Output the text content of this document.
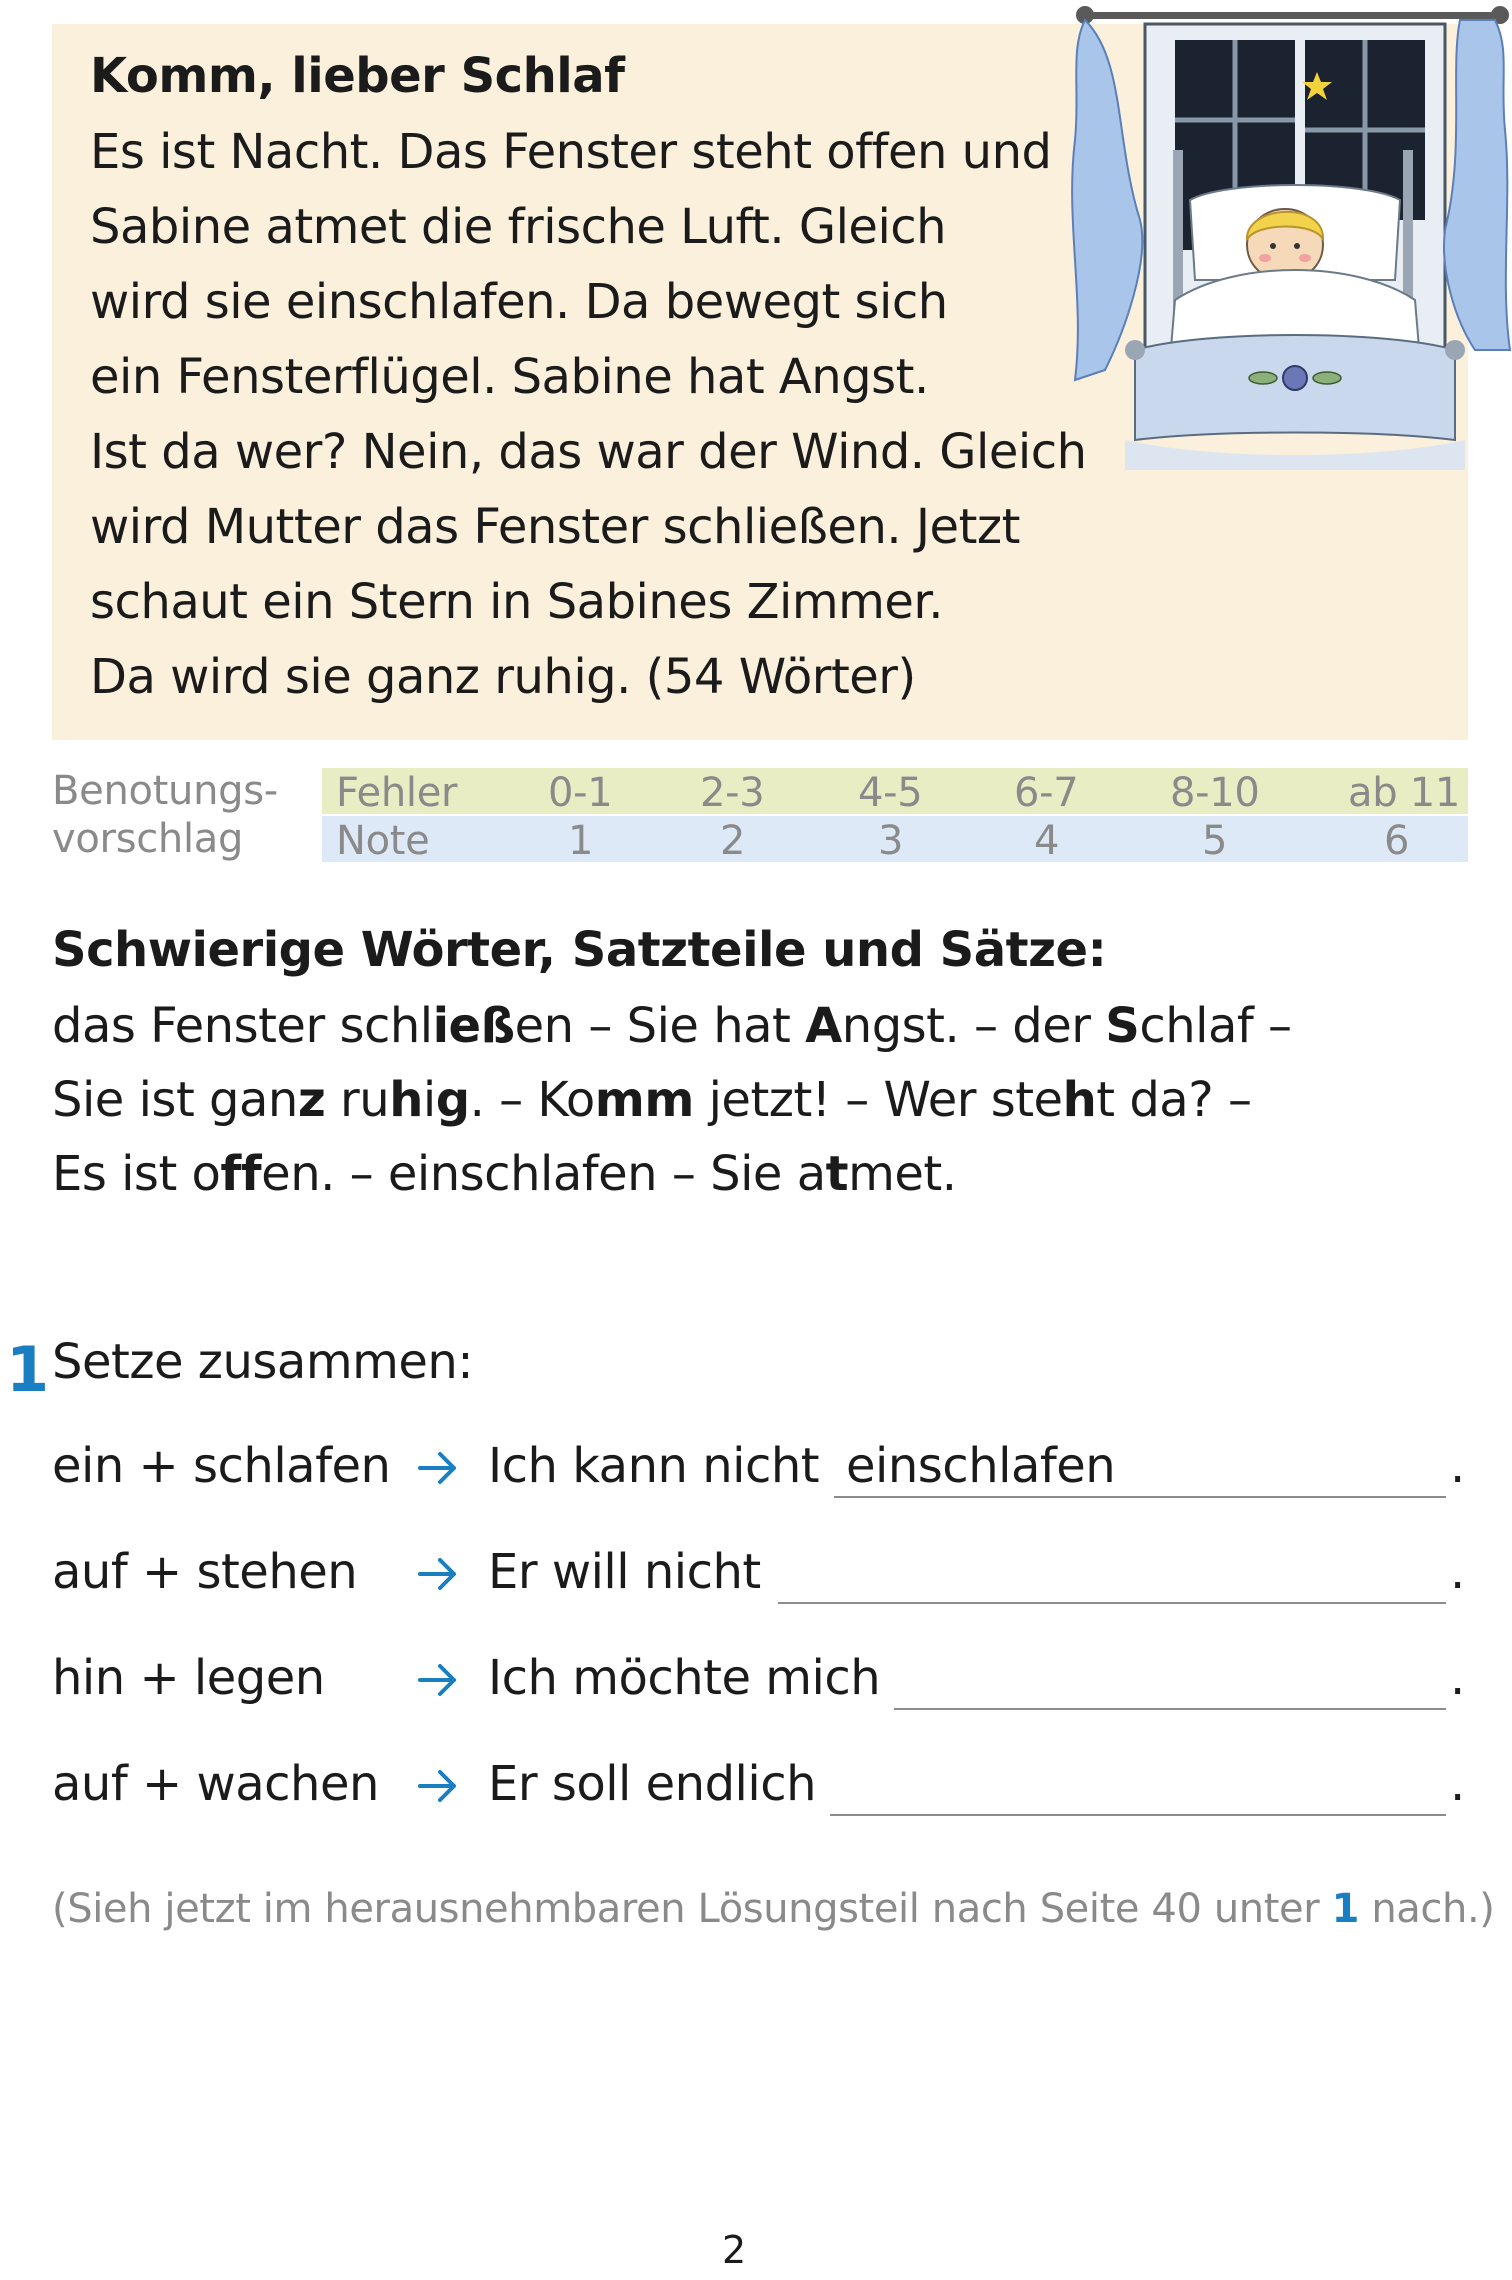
Komm, lieber Schlaf
Es ist Nacht. Das Fenster steht offen und
Sabine atmet die frische Luft. Gleich
wird sie einschlafen. Da bewegt sich
ein Fensterflügel. Sabine hat Angst.
Ist da wer? Nein, das war der Wind. Gleich
wird Mutter das Fenster schließen. Jetzt
schaut ein Stern in Sabines Zimmer.
Da wird sie ganz ruhig. (54 Wörter)
Benotungs-
vorschlag
Fehler 0-1 2-3 4-5 6-7 8-10 ab 11
Note	1	2	3	4	5	6
Schwierige Wörter, Satzteile und Sätze:
das Fenster schließen – Sie hat Angst. – der Schlaf –
Sie ist ganz ruhig. – Komm jetzt! – Wer steht da? –
Es ist offen. – einschlafen – Sie atmet.
1 Setze zusammen:
ein + schlafen Ich kann nicht einschlafen	.
auf + stehen	Er will nicht	.
hin + legen	Ich möchte mich	.
auf + wachen Er soll endlich	.
(Sieh jetzt im herausnehmbaren Lösungsteil nach Seite 40 unter 1 nach.)
2
